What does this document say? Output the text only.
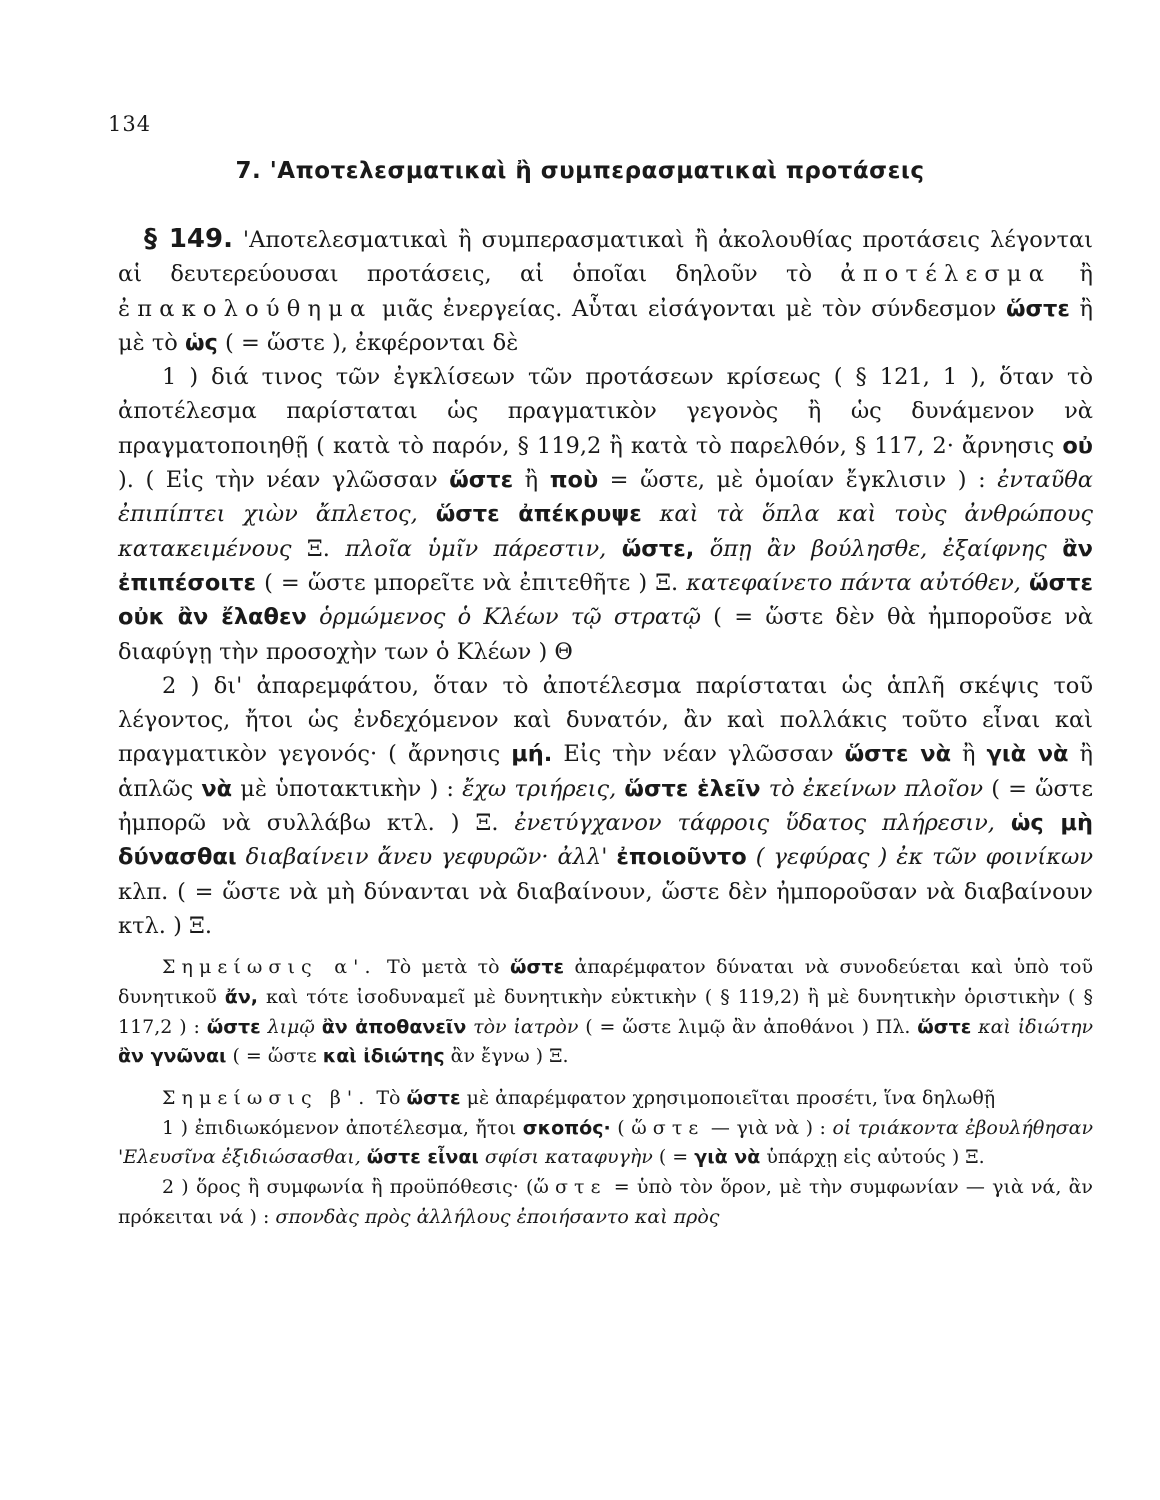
134
7. 'Αποτελεσματικαὶ ἢ συμπερασματικαὶ προτάσεις

§ 149. 'Αποτελεσματικαὶ ἢ συμπερασματικαὶ ἢ ἀκολουθίας προτάσεις λέγονται αἱ δευτερεύουσαι προτάσεις, αἱ ὁποῖαι δηλοῦν τὸ ἀποτέλεσμα ἢ ἐπακολούθημα μιᾶς ἐνεργείας. Αὗται εἰσάγονται μὲ τὸν σύνδεσμον ὥστε ἢ μὲ τὸ ὡς ( = ὥστε ), ἐκφέρονται δὲ

1 ) διά τινος τῶν ἐγκλίσεων τῶν προτάσεων κρίσεως ( § 121, 1 ), ὅταν τὸ ἀποτέλεσμα παρίσταται ὡς πραγματικὸν γεγονὸς ἢ ὡς δυνάμενον νὰ πραγματοποιηθῇ ( κατὰ τὸ παρόν, § 119,2 ἢ κατὰ τὸ παρελθόν, § 117, 2· ἄρνησις οὐ ). ( Εἰς τὴν νέαν γλῶσσαν ὥστε ἢ ποὺ = ὥστε, μὲ ὁμοίαν ἔγκλισιν ) : ἐνταῦθα ἐπιπίπτει χιὼν ἄπλετος, ὥστε ἀπέκρυψε καὶ τὰ ὅπλα καὶ τοὺς ἀνθρώπους κατακειμένους Ξ. πλοῖα ὑμῖν πάρεστιν, ὥστε, ὅπῃ ἂν βούλησθε, ἐξαίφνης ἂν ἐπιπέσοιτε ( = ὥστε μπορεῖτε νὰ ἐπιτεθῆτε ) Ξ. κατεφαίνετο πάντα αὐτόθεν, ὥστε οὐκ ἂν ἔλαθεν ὁρμώμενος ὁ Κλέων τῷ στρατῷ ( = ὥστε δὲν θὰ ἠμποροῦσε νὰ διαφύγῃ τὴν προσοχὴν των ὁ Κλέων ) Θ

2 ) δι' ἀπαρεμφάτου, ὅταν τὸ ἀποτέλεσμα παρίσταται ὡς ἁπλῆ σκέψις τοῦ λέγοντος, ἤτοι ὡς ἐνδεχόμενον καὶ δυνατόν, ἂν καὶ πολλάκις τοῦτο εἶναι καὶ πραγματικὸν γεγονός· ( ἄρνησις μή. Εἰς τὴν νέαν γλῶσσαν ὥστε νὰ ἢ γιὰ νὰ ἢ ἁπλῶς νὰ μὲ ὑποτακτικὴν ) : ἔχω τριήρεις, ὥστε ἑλεῖν τὸ ἐκείνων πλοῖον ( = ὥστε ἠμπορῶ νὰ συλλάβω κτλ. ) Ξ. ἐνετύγχανον τάφροις ὕδατος πλήρεσιν, ὡς μὴ δύνασθαι διαβαίνειν ἄνευ γεφυρῶν· ἀλλ' ἐποιοῦντο ( γεφύρας ) ἐκ τῶν φοινίκων κλπ. ( = ὥστε νὰ μὴ δύνανται νὰ διαβαίνουν, ὥστε δὲν ἠμποροῦσαν νὰ διαβαίνουν κτλ. ) Ξ.

Σημείωσις α'. Τὸ μετὰ τὸ ὥστε ἀπαρέμφατον δύναται νὰ συνοδεύεται καὶ ὑπὸ τοῦ δυνητικοῦ ἄν, καὶ τότε ἰσοδυναμεῖ μὲ δυνητικὴν εὐκτικὴν ( § 119,2) ἢ μὲ δυνητικὴν ὁριστικὴν ( § 117,2 ) : ὥστε λιμῷ ἂν ἀποθανεῖν τὸν ἰατρὸν ( = ὥστε λιμῷ ἂν ἀποθάνοι ) Πλ. ὥστε καὶ ἰδιώτην ἂν γνῶναι ( = ὥστε καὶ ἰδιώτης ἂν ἔγνω ) Ξ.

Σημείωσις β'. Τὸ ὥστε μὲ ἀπαρέμφατον χρησιμοποιεῖται προσέτι, ἵνα δηλωθῇ

1 ) ἐπιδιωκόμενον ἀποτέλεσμα, ἤτοι σκοπός· ( ὥστε — γιὰ νὰ ) : οἱ τριάκοντα ἐβουλήθησαν 'Ελευσῖνα ἐξιδιώσασθαι, ὥστε εἶναι σφίσι καταφυγὴν ( = γιὰ νὰ ὑπάρχῃ εἰς αὐτούς ) Ξ.

2 ) ὅρος ἢ συμφωνία ἢ προϋπόθεσις· (ὥστε = ὑπὸ τὸν ὅρον, μὲ τὴν συμφωνίαν — γιὰ νά, ἂν πρόκειται νά ) : σπονδὰς πρὸς ἀλλήλους ἐποιήσαντο καὶ πρὸς
